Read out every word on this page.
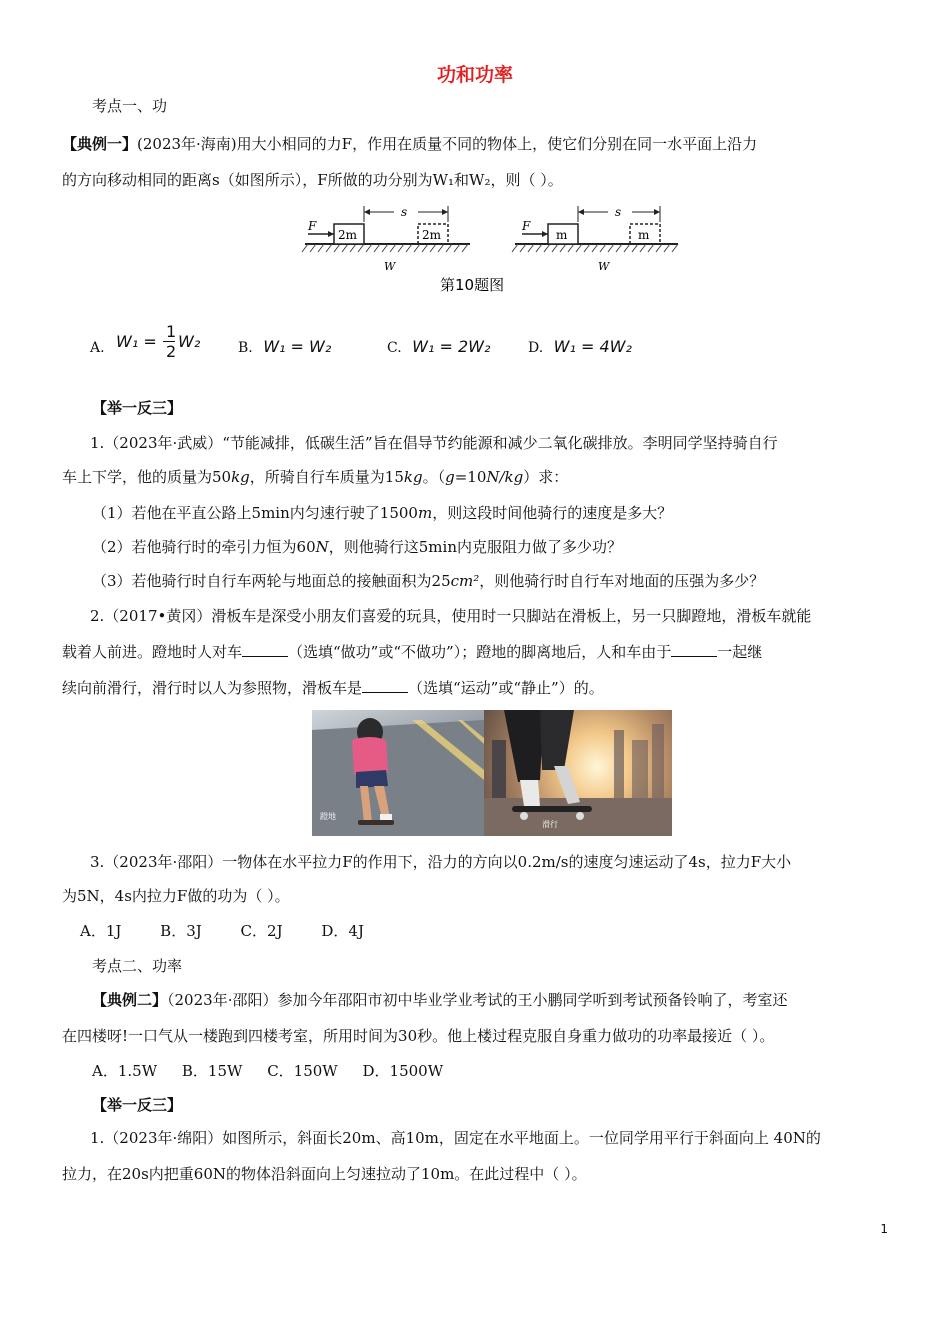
功和功率
考点一、功
【典例一】(2023年·海南)用大小相同的力F，作用在质量不同的物体上，使它们分别在同一水平面上沿力
的方向移动相同的距离s（如图所示），F所做的功分别为W₁和W₂，则（ ）。
2m
F
2m
s
W
m
F
m
s
W
第10题图
A. W₁ =
1
2
W₂	B. W₁ = W₂	C. W₁ = 2W₂	D. W₁ = 4W₂
【举一反三】
1.（2023年·武威）“节能减排，低碳生活”旨在倡导节约能源和减少二氧化碳排放。李明同学坚持骑自行
车上下学，他的质量为50kg，所骑自行车质量为15kg。（g=10N/kg）求：
（1）若他在平直公路上5min内匀速行驶了1500m，则这段时间他骑行的速度是多大？
（2）若他骑行时的牵引力恒为60N，则他骑行这5min内克服阻力做了多少功？
（3）若他骑行时自行车两轮与地面总的接触面积为25cm²，则他骑行时自行车对地面的压强为多少？
2.（2017•黄冈）滑板车是深受小朋友们喜爱的玩具，使用时一只脚站在滑板上，另一只脚蹬地，滑板车就能
载着人前进。蹬地时人对车	（选填“做功”或“不做功”）；蹬地的脚离地后，人和车由于	一起继
续向前滑行，滑行时以人为参照物，滑板车是	（选填“运动”或“静止”）的。
蹬地
滑行
3.（2023年·邵阳）一物体在水平拉力F的作用下，沿力的方向以0.2m/s的速度匀速运动了4s，拉力F大小
为5N，4s内拉力F做的功为（ ）。
A．1J	B．3J	C．2J	D．4J
考点二、功率
【典例二】（2023年·邵阳）参加今年邵阳市初中毕业学业考试的王小鹏同学听到考试预备铃响了，考室还
在四楼呀!一口气从一楼跑到四楼考室，所用时间为30秒。他上楼过程克服自身重力做功的功率最接近（ ）。
A．1.5W B．15W C．150W D．1500W
【举一反三】
1.（2023年·绵阳）如图所示，斜面长20m、高10m，固定在水平地面上。一位同学用平行于斜面向上 40N的
拉力，在20s内把重60N的物体沿斜面向上匀速拉动了10m。在此过程中（ ）。
1
